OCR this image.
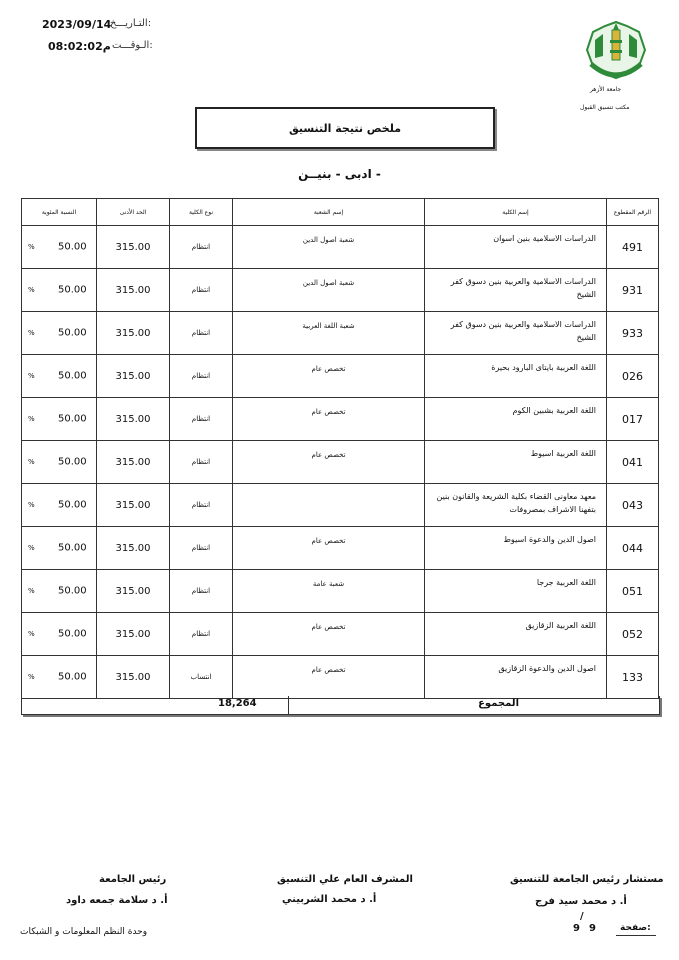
2023/09/14
التـاريـــخ:
م08:02:02 الـوقـــت:
جامعة الأزهر
مكتب تنسيق القبول
ملخص نتيجة التنسيق
- ادبى - بنيــن
الرقم المقطوع	إسم الكلية	إسم الشعبة	نوع الكلية	الحد الأدنى	النسبة المئوية
491	الدراسات الاسلامية بنين اسوان	شعبة اصول الدين	انتظام	315.00	50.00
%

931	الدراسات الاسلامية والعربية بنين دسوق كفر الشيخ	شعبة اصول الدين	انتظام	315.00	50.00
%

933	الدراسات الاسلامية والعربية بنين دسوق كفر الشيخ	شعبة اللغة العربية	انتظام	315.00	50.00
%

026	اللغة العربية بايتاى البارود بحيرة	تخصص عام	انتظام	315.00	50.00
%

017	اللغة العربية بشبين الكوم	تخصص عام	انتظام	315.00	50.00
%

041	اللغة العربية اسيوط	تخصص عام	انتظام	315.00	50.00
%

043	معهد معاونى القضاء بكلية الشريعة والقانون بنين بتفهنا الاشراف بمصروفات		انتظام	315.00	50.00
%

044	اصول الدين والدعوة اسيوط	تخصص عام	انتظام	315.00	50.00
%

051	اللغة العربية جرجا	شعبة عامة	انتظام	315.00	50.00
%

052	اللغة العربية الزقازيق	تخصص عام	انتظام	315.00	50.00
%

133	اصول الدين والدعوة الزقازيق	تخصص عام	انتساب	315.00	50.00
%
المجموع
18,264
مستشار رئيس الجامعة للتنسيق
أ. د محمد سيد فرج
المشرف العام علي التنسيق
أ. د محمد الشربيني
رئيس الجامعة
أ. د سلامة جمعه داود
/
9 9	صفحة:
وحدة النظم المعلومات و الشبكات
